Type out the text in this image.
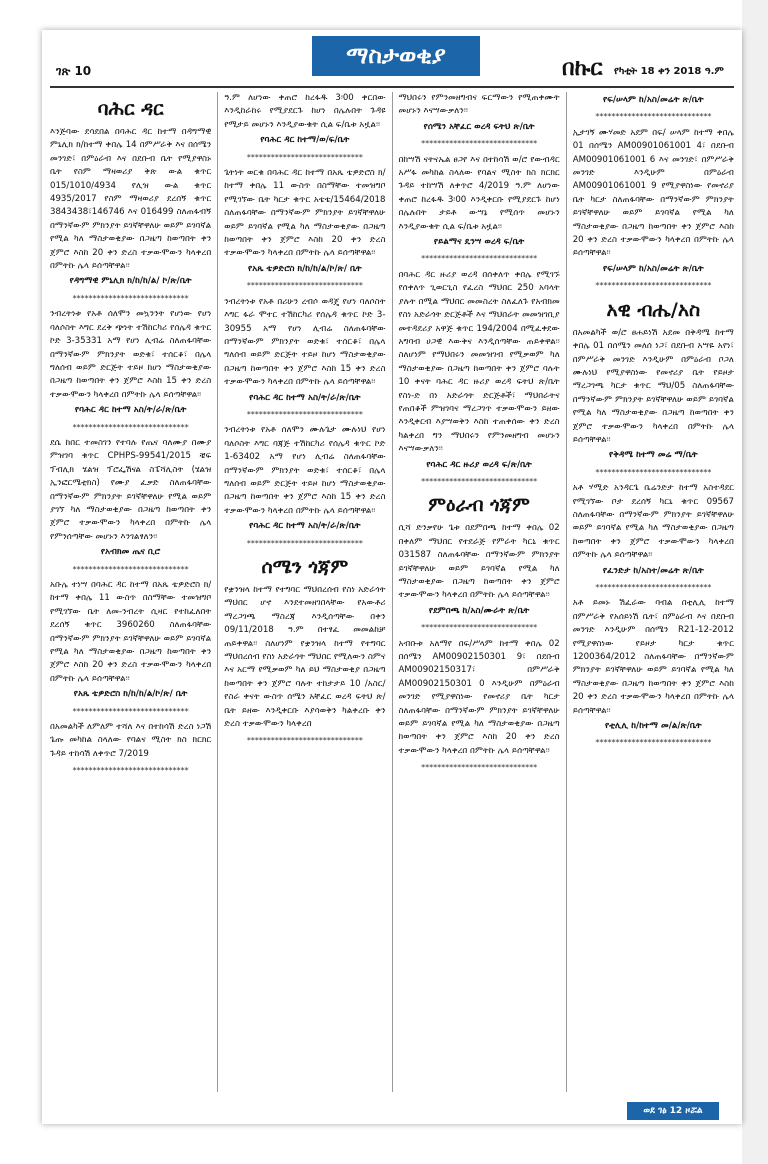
ገጽ 10
ማስታወቂያ	በኩር የካቲት 18 ቀን 2018 ዓ.ም
ባሕር ዳር
እንጅባው ደሳደበል በባሕር ዳር ከተማ በዳግማዊ ምኒሊክ ክ/ከተማ ቀበሌ 14 በምሥራቅ እና በሰሜን መንገድ፣ በምዕራብ እና በደቡብ ቤት የሚያዋስኑ ቤት የስም ማዛወሪያ ቅጽ ውል ቁጥር 015/1010/4934 የሊዝ ውል ቁጥር 4935/2017 የስም ማዛወሪያ ደረሰኝ ቁጥር 3843438፣146746 እና 016499 ስለጠፋብኝ በማንኛውም ምክንያት ይገኛቸዋለሁ ወይም ይገባኛል የሚል ካለ ማስታወቂያው በጋዜጣ ከወጣበት ቀን ጀምሮ እስከ 20 ቀን ድረስ ተቃውሞውን ካላቀረበ በምትኩ ሌላ ይሰጣቸዋል፡፡
የዳግማዊ ምኒሊክ ክ/ከ/ከ/ል/ ኮ/ጽ/ቤት
*****************************
ንብረትነቱ የአቶ ሰለሞን መኳንንት የሆነው የሆነ ባለሶስት እግር ደረቅ ጭነት ተሽከርካሪ የሰሌዳ ቁጥር ኮድ 3-35331 አማ የሆነ ሊብሬ ስለጠፋባቸው በማንኛውም ምክንያት ወድቁ፣ ተሰርቆ፣ በሌላ ግለሰብ ወይም ድርጅት ተይዞ ከሆነ ማስታወቂያው በጋዜጣ ከወጣበት ቀን ጀምሮ እስከ 15 ቀን ድረስ ተቃውሞውን ካላቀረበ በምትኩ ሌላ ይሰጣቸዋል፡፡
የባሕር ዳር ከተማ አስ/ት/ራ/ጽ/ቤት
*****************************
ደሴ ከበር ተመስገን የተባሉ የጤና ባለሙያ በሙያ ምዝገባ ቁጥር CPHPS-99541/2015 ቼፍ ፕብሊክ ሄልዝ ፕሮፌሽናል ስፔሻሊስት (ሄልዝ ኢንፎርሜቲክስ) የሙያ ፈቃድ ስለጠፋባቸው በማንኛውም ምክንያት ይገኛቸዋለሁ የሚል ወይም ያገኘ ካለ ማስታወቂያው በጋዜጣ ከወጣበት ቀን ጀምሮ ተቃውሞውን ካላቀረበ በምትኩ ሌላ የምንሰጣቸው መሆኑን እንገልፃለን፡፡
የአብክመ ጤና ቢሮ
*****************************
አቡሌ ተነሣ በባሕር ዳር ከተማ በአጼ ቴዎድሮስ ክ/ከተማ ቀበሌ 11 ውስጥ በስማቸው ተመዝግቦ የሚገኘው ቤት ለመ-ንብረት ሲዛር የተከፈለበት ደረሰኝ ቁጥር 3960260 ስለጠፋባቸው በማንኛውም ምክንያት ይገኛቸዋለሁ ወይም ይገባኛል የሚል ካለ ማስታወቂያው በጋዜጣ ከወጣበት ቀን ጀምሮ እስከ 20 ቀን ድረስ ተቃውሞውን ካላቀረበ በምትኩ ሌላ ይሰጣቸዋል፡፡
የአጼ ቴዎድሮስ ክ/ከ/ከ/ል/ኮ/ጽ/ ቤት
*****************************
በአመልካች ለምለም ተሻለ እና በተከሳሽ ድረስ ነጋሽ ጌጡ መካከል ስላለው የባልና ሚስት ክስ ክርክር ጉዳይ ተከሳሽ ለቀጥሮ 7/2019
*****************************
ዓ.ም ለሆነው ቀጠሮ ከረፋዱ 3፡00 ቀርበው እንዲከራከሩ የሚያደርጉ ከሆነ በሌሉበት ጉዳዩ የሚታይ መሆኑን እንዲያውቁት ሲል ፍ/ቤቱ አዟል፡፡
የባሕር ዳር ከተማ/ወ/ፍ/ቤት
*****************************
ጌትነት ወርቁ በባሕር ዳር ከተማ በአጼ ቴዎድሮስ ክ/ከተማ ቀበሌ 11 ውስጥ በስማቸው ተመዝግቦ የሚገኘው ቤት ካርታ ቁጥር አቴቴ/15464/2018 ስለጠፋባቸው በማንኛውም ምክንያት ይገኛቸዋለሁ ወይም ይገባኛል የሚል ካለ ማስታወቂያው በጋዜጣ ከወጣበት ቀን ጀምሮ እስከ 20 ቀን ድረስ ተቃውሞውን ካላቀረበ በምትኩ ሌላ ይሰጣቸዋል፡፡
የአጼ ቴዎድሮስ ክ/ከ/ከ/ል/ኮ/ጽ/ ቤት
*****************************
ንብረትነቱ የአቶ በሪሁን ረብሶ ወዳጄ የሆነ ባለሶስት እግር ፋራ ሞተር ተሽከርካሪ የሰሌዳ ቁጥር ኮድ 3-30955 አማ የሆነ ሊብሬ ስለጠፋባቸው በማንኛውም ምክንያት ወድቁ፣ ተሰርቆ፣ በሌላ ግለሰብ ወይም ድርጅት ተይዞ ከሆነ ማስታወቂያው በጋዜጣ ከወጣበት ቀን ጀምሮ እስከ 15 ቀን ድረስ ተቃውሞውን ካላቀረበ በምትኩ ሌላ ይሰጣቸዋል፡፡
የባሕር ዳር ከተማ አስ/ት/ራ/ጽ/ቤት
*****************************
ንብረትነቱ የአቶ ሰለሞን ሙሉጌታ ሙሉነህ የሆነ ባለሶስት እግር ባጃጅ ተሽከርካሪ የሰሌዳ ቁጥር ኮድ 1-63402 አማ የሆነ ሊብሬ ስለጠፋባቸው በማንኛውም ምክንያት ወድቁ፣ ተሰርቆ፣ በሌላ ግለሰብ ወይም ድርጅት ተይዞ ከሆነ ማስታወቂያው በጋዜጣ ከወጣበት ቀን ጀምሮ እስከ 15 ቀን ድረስ ተቃውሞውን ካላቀረበ በምትኩ ሌላ ይሰጣቸዋል፡፡
የባሕር ዳር ከተማ አስ/ት/ራ/ጽ/ቤት
*****************************
ሰሜን ጎጃም
የቋንዝላ ከተማ የተግባር ማህበረሰብ የስነ አድራጎት ማህበር ሆኖ እንደተመዘገበላቸው የአውቶሪ ማረጋገጫ ማስረጃ እንዲሰጣቸው በቀን 09/11/2018 ዓ.ም በተፃፈ መመልከቻ ጠይቀዋል፡፡ ስለሆነም የቋንዝላ ከተማ የተግባር ማህበረሰብ የስነ አድራጎት ማህበር የሚለውን ስምና እና አርማ የሚቃወም ካለ ይህ ማስታወቂያ በጋዜጣ ከወጣበት ቀን ጀምሮ ባሉት ተከታታይ 10 /አስር/ የስራ ቀናት ውስጥ ሰሜን አቸፈር ወረዳ ፍትህ ጽ/ቤት ይዘው እንዲቀርቡ እያሳወቅን ካልቀረቡ ቀን ድረስ ተቃውሞውን ካላቀረበ
*****************************
ማህበሩን የምንመዘግብና ፍርማውን የሚጠቀሙት መሆኑን እናሣውቃለን፡፡
የሰሜን አቸፈር ወረዳ ፍትህ ጽ/ቤት
*****************************
በከሣሽ ናትናኤል ፀጋየ እና በተከሳሽ ወ/ሮ የውብዳር አሥፋ መካከል ስላለው የባልና ሚስት ክስ ክርክር ጉዳይ ተከሣሽ ለቀጥሮ 4/2019 ዓ.ም ለሆነው ቀጠሮ ከረፋዱ 3፡00 እንዲቀርቡ የሚያደርጉ ከሆነ በሌሉበት ታይቶ ውሣኔ የሚሰጥ መሆኑን እንዲያውቁት ሲል ፍ/ቤቱ አዟል፡፡
የይልማና ዴንሣ ወረዳ ፍ/ቤት
*****************************
በባሕር ዳር ዙሪያ ወረዳ በሰቀለጥ ቀበሌ የሚገኙ የሰቀለጥ ጊወርጊስ የፈረስ ማህበር 250 አባላት ያሉት በሚል ማህበር መመስረት ስለፈለጉ የአብክመ የስነ አድራጎት ድርጅቶች እና ማህበራት መመዝገቢያ መተዳደሪያ አዋጅ ቁጥር 194/2004 በሚፈቀደው አግባብ ሀጋዊ እውቅና እንዲሰጣቸው ጠይቀዋል፡፡ ስለሆነም የማህበሩን መመዝገብ የሚቃወም ካለ ማስታወቂያው በጋዜጣ ከወጣበት ቀን ጀምሮ ባሉት 10 ቀናት ባሕር ዳር ዙሪያ ወረዳ ፍትህ ጽ/ቤት የስነ-ድ በነ አድራጎት ድርጅቶች፣ ማህበራትና የጠበቆች ምዝገባና ማረጋገጥ ተቃውሞውን ይዘው እንዲቀርብ እያሣወቅን እስከ ተጠቀሰው ቀን ድረስ ካልቀረበ ግን ማህበሩን የምንመዘግብ መሆኑን እናሣውቃለን፡፡
የባሕር ዳር ዙሪያ ወረዳ ፍ/ጽ/ቤት
*****************************
ምዕራብ ጎጃም
ሲሻ ድንቃየሁ ጌቱ በደምበጫ ከተማ ቀበሌ 02 በቀለም ማህበር የተደራጅ የምራት ካርኒ ቁጥር 031587 ስለጠፋባቸው በማንኛውም ምክንያት ይገኛቸዋለሁ ወይም ይገባኛል የሚል ካለ ማስታወቂያው በጋዜጣ ከወጣበት ቀን ጀምሮ ተቃውሞውን ካላቀረበ በምትኩ ሌላ ይሰጣቸዋል፡፡
የደምበጫ ከ/አስ/ሙራት ጽ/ቤት
*****************************
አብቡቱ አለማየ በፍ/ሥላም ከተማ ቀበሌ 02 በሰሜን AM00902150301 9፣ በደቡብ AM00902150317፣ በምሥራቅ AM00902150301 0 እንዲሁም በምዕራብ መንገድ የሚያዋስነው የመኖሪያ ቤት ካርታ ስለጠፋባቸው በማንኛውም ምክንያት ይገኛቸዋለሁ ወይም ይገባኛል የሚል ካለ ማስታወቂያው በጋዜጣ ከወጣበት ቀን ጀምሮ እስከ 20 ቀን ድረስ ተቃውሞውን ካላቀረበ በምትኩ ሌላ ይሰጣቸዋል፡፡
*****************************
የፍ/ሠላም ከ/አስ/መሬት ጽ/ቤት
*****************************
ኢታገኝ ሙሃመድ አደም በፍ/ ሠላም ከተማ ቀበሌ 01 በሰሜን AM00901061001 4፣ በደቡብ AM00901061001 6 እና መንገድ፣ በምሥራቅ መንገድ እንዲሁም በምዕራብ AM00901061001 9 የሚያዋስነው የመኖሪያ ቤት ካርታ ስለጠፋባቸው በማንኛውም ምክንያት ይገኛቸዋለሁ ወይም ይገባኛል የሚል ካለ ማስታወቂያው በጋዜጣ ከወጣበት ቀን ጀምሮ እስከ 20 ቀን ድረስ ተቃውሞውን ካላቀረበ በምትኩ ሌላ ይሰጣቸዋል፡፡
የፍ/ሠላም ከ/አስ/መሬት ጽ/ቤት
*****************************
አዊ ብሔ/አስ
በአመልካች ወ/ሮ ፀሐይነሽ አደመ በቅዳሜ ከተማ ቀበሌ 01 በሰሜን መለሰ ነጋ፣ በደቡብ አሣዬ አየነ፣ በምሥራቅ መንገድ እንዲሁም በምዕራብ ቦጋለ ሙሉነህ የሚያዋስነው የመኖሪያ ቤት የይዞታ ማረጋገጫ ካርታ ቁጥር ማህ/05 ስለጠፋባቸው በማንኛውም ምክንያት ይገኛቸዋለሁ ወይም ይገባኛል የሚል ካለ ማስታወቂያው በጋዜጣ ከወጣበት ቀን ጀምሮ ተቃውሞውን ካላቀረበ በምትኩ ሌላ ይሰጣቸዋል፡፡
የቅዳሜ ከተማ መሬ ማ/ቤት
*****************************
አቶ ሃሚድ አንዳርጌ ቤሬንድታ ከተማ አስተዳደር የሚገኘው ቦታ ደረሰኝ ካርኒ ቁጥር 09567 ስለጠፋባቸው በማንኛውም ምክንያት ይገኛቸዋለሁ ወይም ይገባኛል የሚል ካለ ማስታወቂያው በጋዜጣ ከወጣበት ቀን ጀምሮ ተቃውሞውን ካላቀረበ በምትኩ ሌላ ይሰጣቸዋል፡፡
የፈንድታ ከ/አስተ/መሬት ጽ/ቤት
*****************************
አቶ ይመኑ ሽፈራው ባብል በቲሊሊ ከተማ በምሥራቅ የአሰይነሽ ቤት፣ በምዕራብ እና በደቡብ መንገድ እንዲሁም በሰሜን R21-12-2012 የሚያዋስነው የይዞታ ካርታ ቁጥር 1200364/2012 ስለጠፋባቸው በማንኛውም ምክንያት ይገኛቸዋለሁ ወይም ይገባኛል የሚል ካለ ማስታወቂያው በጋዜጣ ከወጣበት ቀን ጀምሮ እስከ 20 ቀን ድረስ ተቃውሞውን ካላቀረበ በምትኩ ሌላ ይሰጣቸዋል፡፡
የቲሊሊ ከ/ከተማ መ/ል/ጽ/ቤት
*****************************
ወደ ገፅ 12 ዞሯል
